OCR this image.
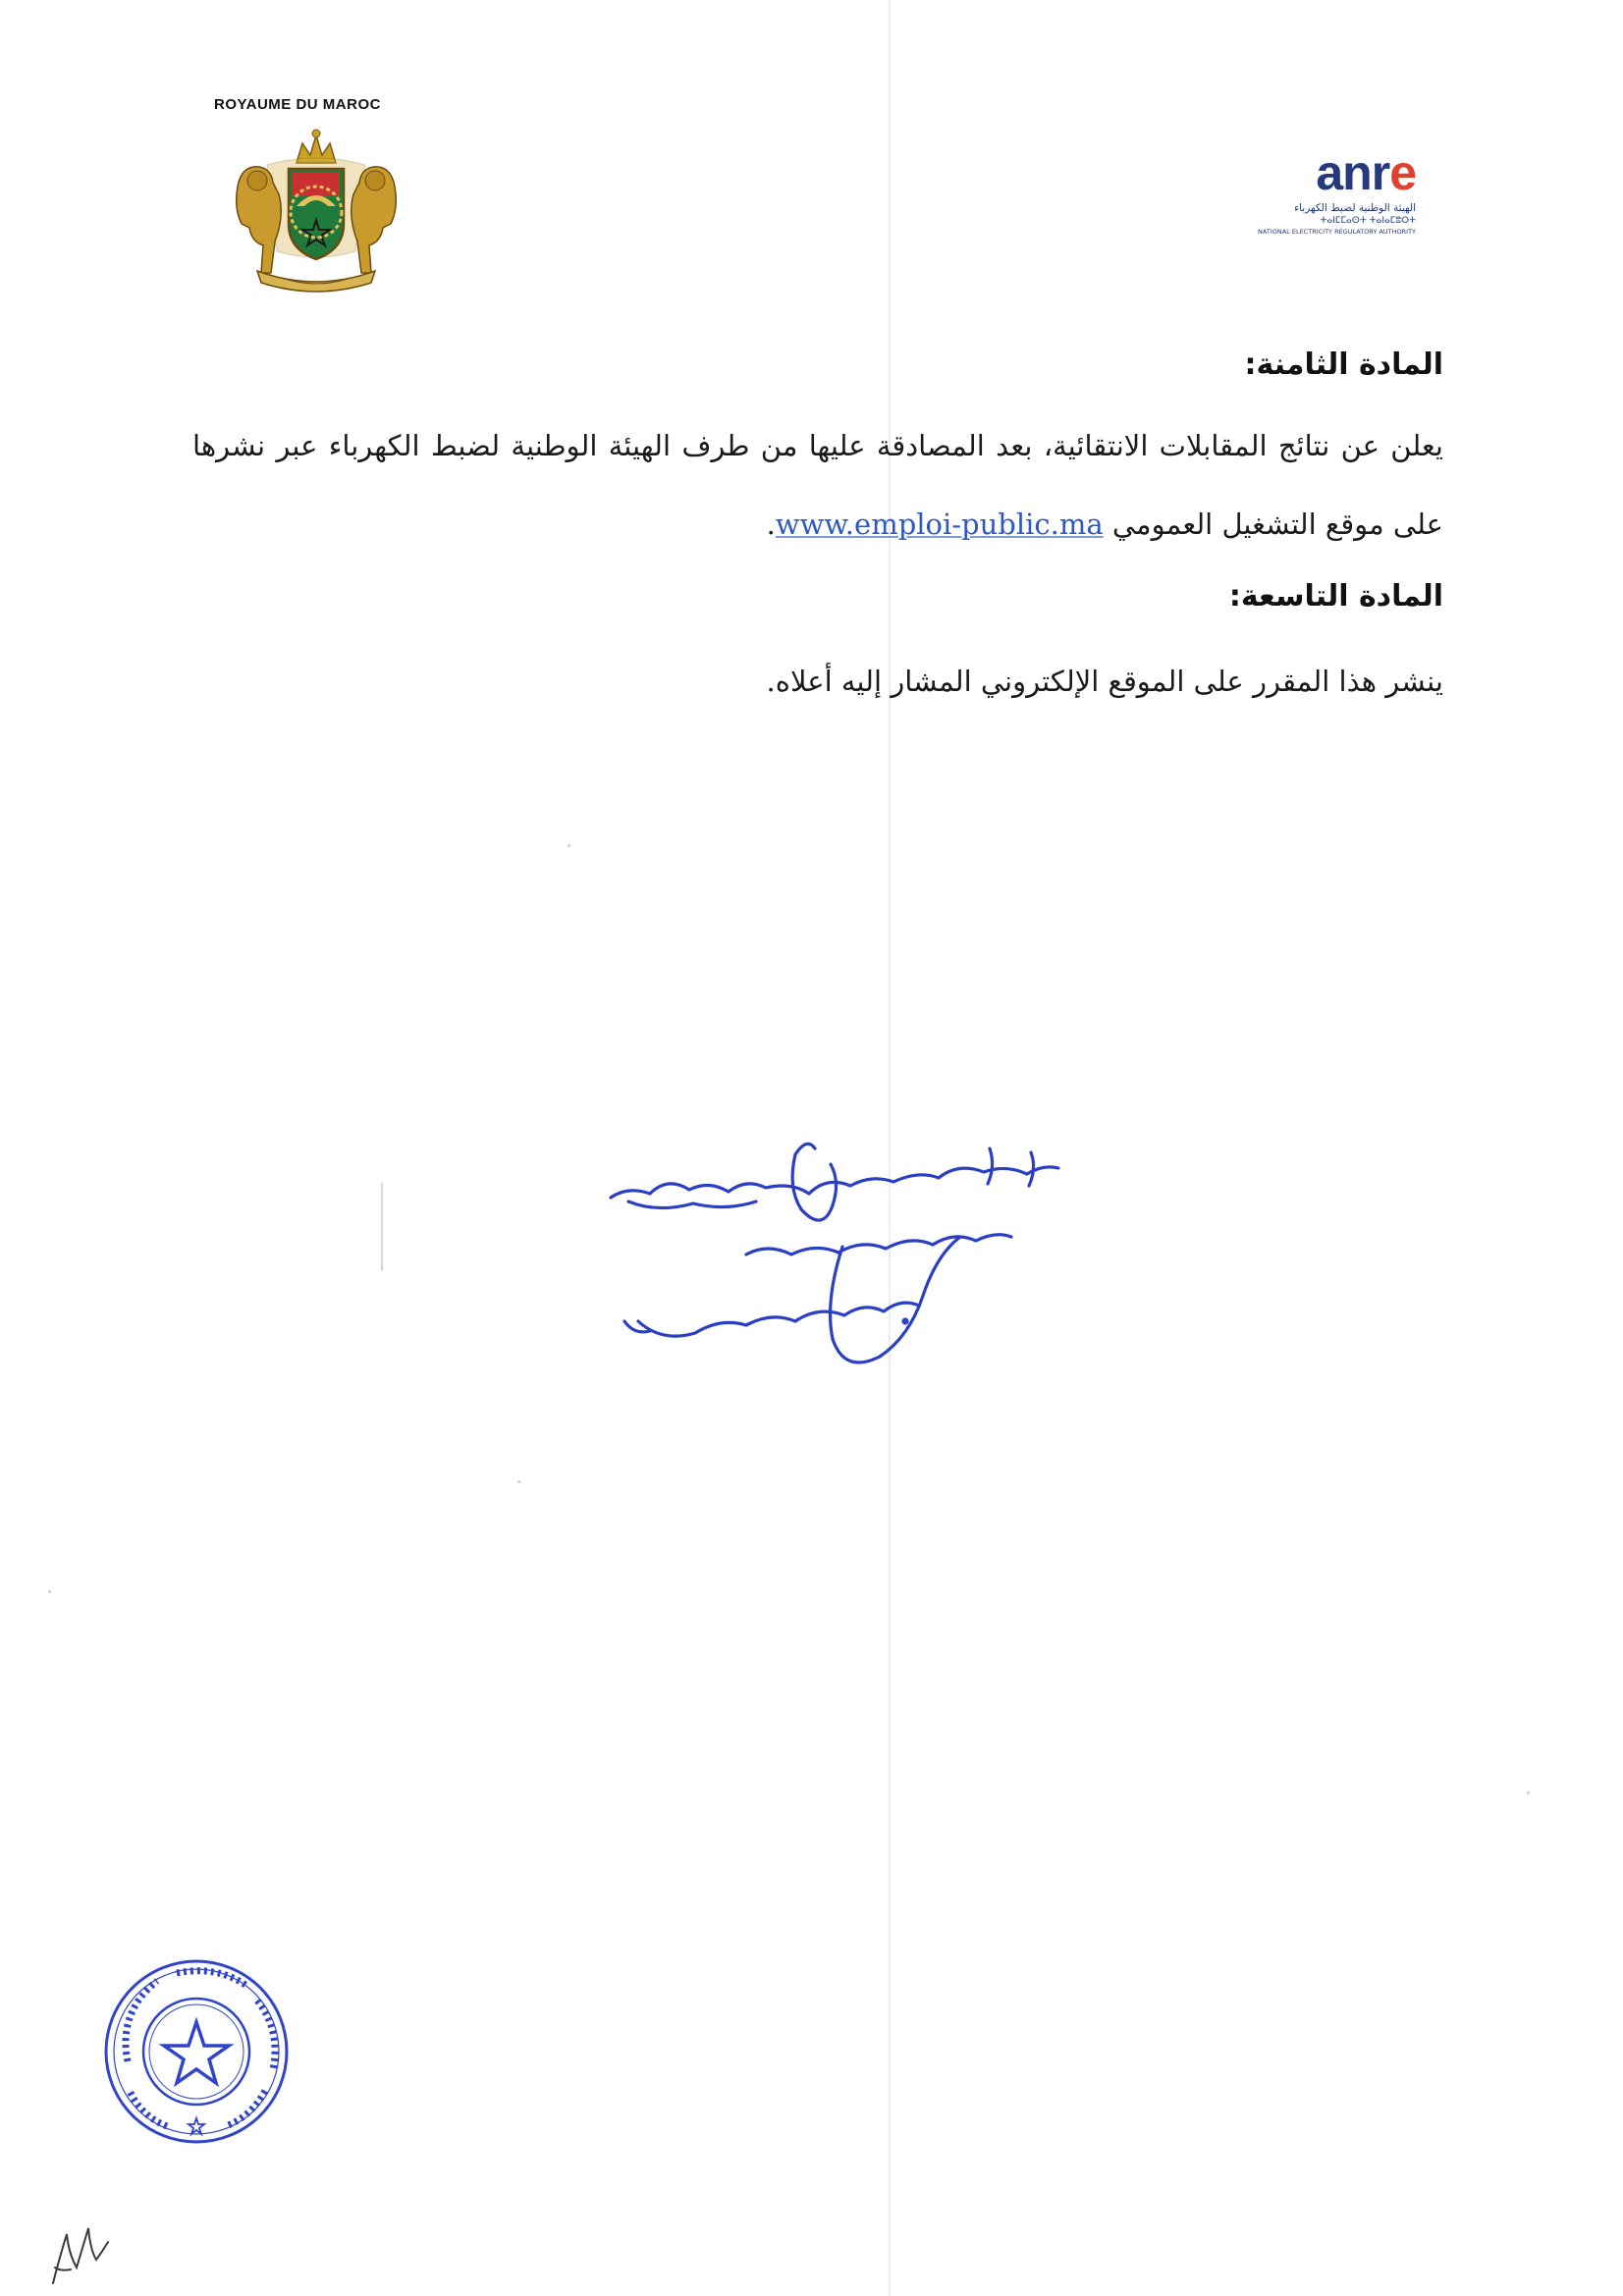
ROYAUME DU MAROC
anre
الهيئة الوطنية لضبط الكهرباء
ⵜⴰⵏⵎⵎⴰⵙⵜ ⵜⴰⵏⴰⵎⵓⵔⵜ
NATIONAL ELECTRICITY REGULATORY AUTHORITY
المادة الثامنة:

يعلن عن نتائج المقابلات الانتقائية، بعد المصادقة عليها من طرف الهيئة الوطنية لضبط الكهرباء عبر نشرها على موقع التشغيل العمومي www.emploi-public.ma.

المادة التاسعة:

ينشر هذا المقرر على الموقع الإلكتروني المشار إليه أعلاه.
